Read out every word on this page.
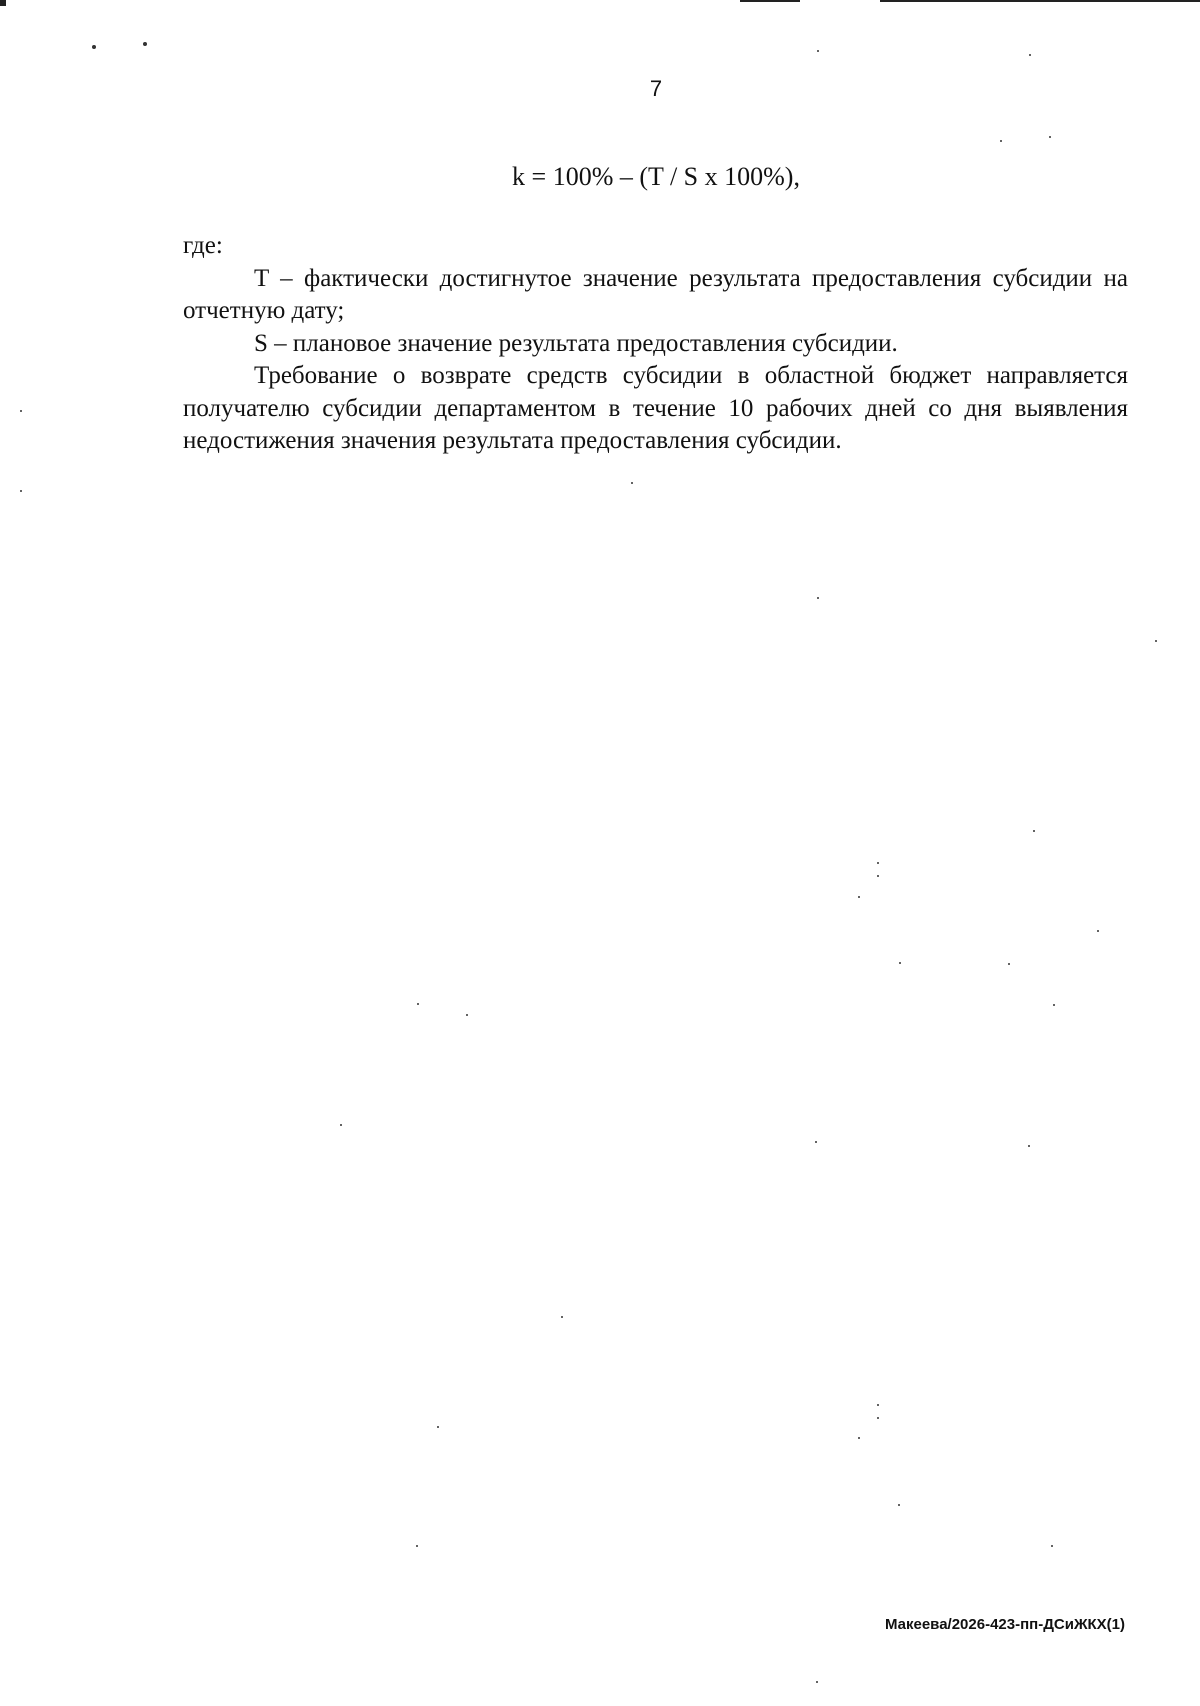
7
k = 100% – (T / S x 100%),

где:

T – фактически достигнутое значение результата предоставления субсидии на отчетную дату;

S – плановое значение результата предоставления субсидии.

Требование о возврате средств субсидии в областной бюджет направляется получателю субсидии департаментом в течение 10 рабочих дней со дня выявления недостижения значения результата предоставления субсидии.

Макеева/2026-423-пп-ДСиЖКХ(1)
